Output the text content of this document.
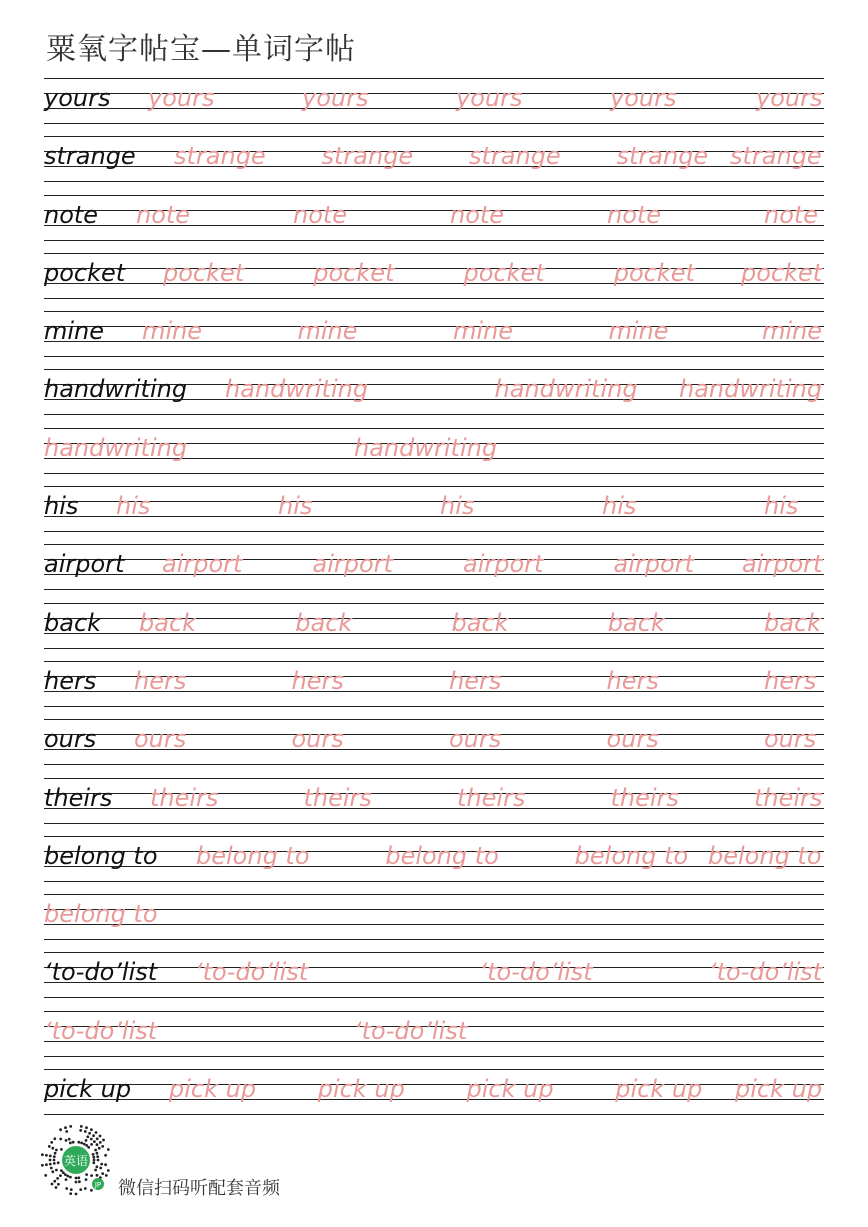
粟氧字帖宝—单词字帖
yours yours	yours	yours	yours	yours
strange strange strange strange strange strange
note note	note	note	note	note
pocket pocket	pocket	pocket	pocket pocket
mine mine	mine	mine	mine	mine
handwriting handwriting	handwriting handwriting
handwriting	handwriting
his his	his	his	his	his
airport airport	airport	airport	airport airport
back back	back	back	back	back
hers hers	hers	hers	hers	hers
ours ours	ours	ours	ours	ours
theirs theirs	theirs	theirs	theirs	theirs
belong to belong to	belong to	belong to belong to
belong to
‘to-do’list ‘to-do’list	‘to-do’list	‘to-do’list
‘to-do’list	‘to-do’list
pick up pick up	pick up	pick up	pick up pick up
英语
JP 微信扫码听配套音频
